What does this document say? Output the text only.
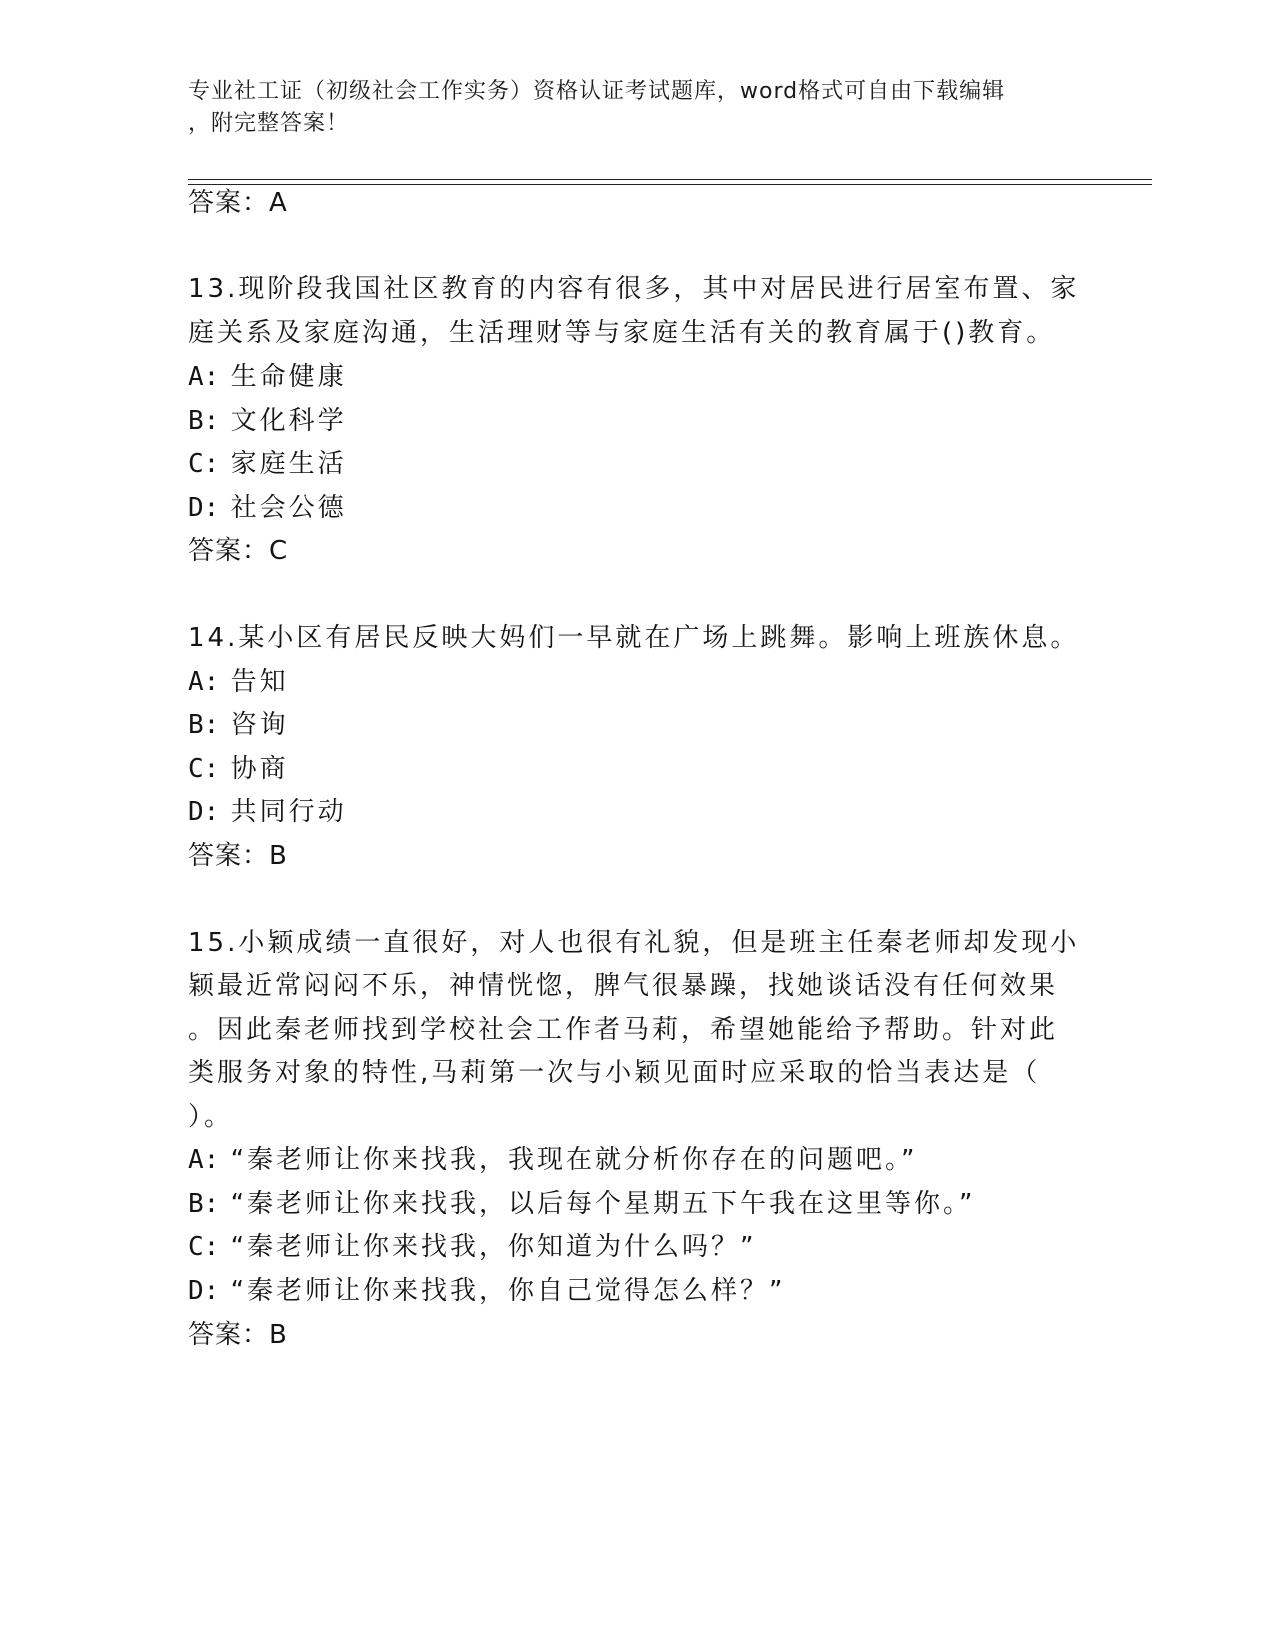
专业社工证（初级社会工作实务）资格认证考试题库，word格式可自由下载编辑
，附完整答案！
答案：A
13.现阶段我国社区教育的内容有很多，其中对居民进行居室布置、家
庭关系及家庭沟通，生活理财等与家庭生活有关的教育属于()教育。
A: 生命健康
B: 文化科学
C: 家庭生活
D: 社会公德
答案：C
14.某小区有居民反映大妈们一早就在广场上跳舞。影响上班族休息。
A: 告知
B: 咨询
C: 协商
D: 共同行动
答案：B
15.小颖成绩一直很好，对人也很有礼貌，但是班主任秦老师却发现小
颖最近常闷闷不乐，神情恍惚，脾气很暴躁，找她谈话没有任何效果
。因此秦老师找到学校社会工作者马莉，希望她能给予帮助。针对此
类服务对象的特性,马莉第一次与小颖见面时应采取的恰当表达是（
）。
A: “秦老师让你来找我，我现在就分析你存在的问题吧。”
B: “秦老师让你来找我，以后每个星期五下午我在这里等你。”
C: “秦老师让你来找我，你知道为什么吗？”
D: “秦老师让你来找我，你自己觉得怎么样？”
答案：B
